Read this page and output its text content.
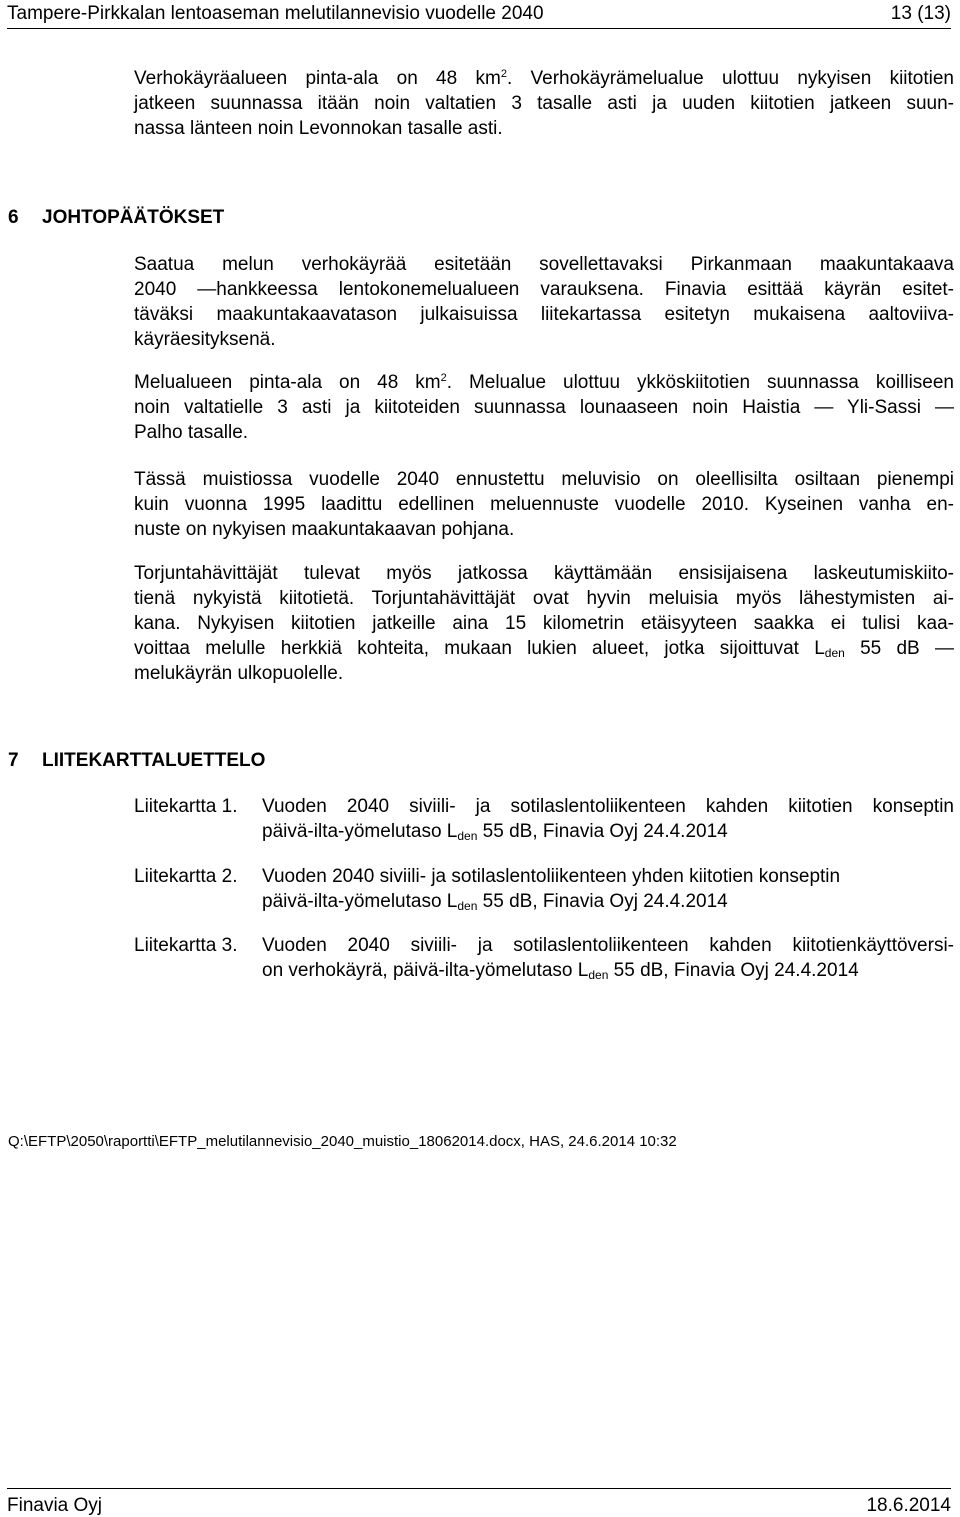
Tampere-Pirkkalan lentoaseman melutilannevisio vuodelle 2040	13 (13)
Verhokäyräalueen pinta-ala on 48 $km^2$. Verhokäyrämelualue ulottuu nykyisen kiitotien
jatkeen suunnassa itään noin valtatien 3 tasalle asti ja uuden kiitotien jatkeen suun-
nassa länteen noin Levonnokan tasalle asti.
6 JOHTOPÄÄTÖKSET
Saatua melun verhokäyrää esitetään sovellettavaksi Pirkanmaan maakuntakaava
2040 —hankkeessa lentokonemelualueen varauksena. Finavia esittää käyrän esitet-
täväksi maakuntakaavatason julkaisuissa liitekartassa esitetyn mukaisena aaltoviiva-
käyräesityksenä.
Melualueen pinta-ala on 48 $km^2$. Melualue ulottuu ykköskiitotien suunnassa koilliseen
noin valtatielle 3 asti ja kiitoteiden suunnassa lounaaseen noin Haistia — Yli-Sassi —
Palho tasalle.
Tässä muistiossa vuodelle 2040 ennustettu meluvisio on oleellisilta osiltaan pienempi
kuin vuonna 1995 laadittu edellinen meluennuste vuodelle 2010. Kyseinen vanha en-
nuste on nykyisen maakuntakaavan pohjana.
Torjuntahävittäjät tulevat myös jatkossa käyttämään ensisijaisena laskeutumiskiito-
tienä nykyistä kiitotietä. Torjuntahävittäjät ovat hyvin meluisia myös lähestymisten ai-
kana. Nykyisen kiitotien jatkeille aina 15 kilometrin etäisyyteen saakka ei tulisi kaa-
voittaa melulle herkkiä kohteita, mukaan lukien alueet, jotka sijoittuvat $L_{den}$ 55 dB —
melukäyrän ulkopuolelle.
7 LIITEKARTTALUETTELO
Liitekartta 1. Vuoden 2040 siviili- ja sotilaslentoliikenteen kahden kiitotien konseptin
päivä-ilta-yömelutaso $L_{den}$ 55 dB, Finavia Oyj 24.4.2014
Liitekartta 2. Vuoden 2040 siviili- ja sotilaslentoliikenteen yhden kiitotien konseptin
päivä-ilta-yömelutaso $L_{den}$ 55 dB, Finavia Oyj 24.4.2014
Liitekartta 3. Vuoden 2040 siviili- ja sotilaslentoliikenteen kahden kiitotienkäyttöversi-
on verhokäyrä, päivä-ilta-yömelutaso $L_{den}$ 55 dB, Finavia Oyj 24.4.2014
Q:\EFTP\2050\raportti\EFTP_melutilannevisio_2040_muistio_18062014.docx, HAS, 24.6.2014 10:32
Finavia Oyj	18.6.2014
